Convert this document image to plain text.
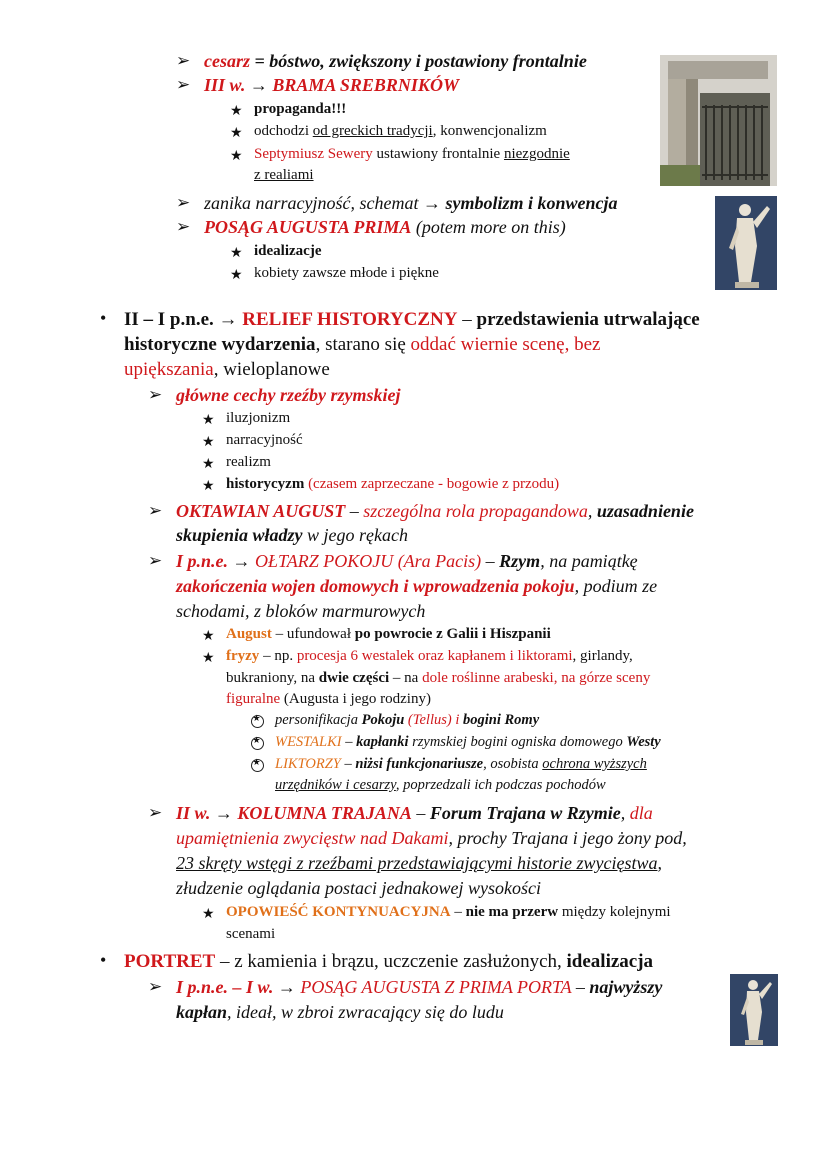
➢ cesarz = bóstwo, zwiększony i postawiony frontalnie
➢ III w. → BRAMA SREBRNIKÓW
★ propaganda!!!
★ odchodzi od greckich tradycji, konwencjonalizm
★ Septymiusz Sewery ustawiony frontalnie niezgodnie
z realiami
➢ zanika narracyjność, schemat → symbolizm i konwencja
➢ POSĄG AUGUSTA PRIMA (potem more on this)
★ idealizacje
★ kobiety zawsze młode i piękne
• II – I p.n.e. → RELIEF HISTORYCZNY – przedstawienia utrwalające
historyczne wydarzenia, starano się oddać wiernie scenę, bez
upiększania, wieloplanowe
➢ główne cechy rzeźby rzymskiej
★ iluzjonizm
★ narracyjność
★ realizm
★ historycyzm (czasem zaprzeczane - bogowie z przodu)
➢ OKTAWIAN AUGUST – szczególna rola propagandowa, uzasadnienie
skupienia władzy w jego rękach
➢ I p.n.e. → OŁTARZ POKOJU (Ara Pacis) – Rzym, na pamiątkę
zakończenia wojen domowych i wprowadzenia pokoju, podium ze
schodami, z bloków marmurowych
★ August – ufundował po powrocie z Galii i Hiszpanii
★ fryzy – np. procesja 6 westalek oraz kapłanem i liktorami, girlandy,
bukraniony, na dwie części – na dole roślinne arabeski, na górze sceny
figuralne (Augusta i jego rodziny)
★
personifikacja Pokoju (Tellus) i bogini Romy
★
WESTALKI – kapłanki rzymskiej bogini ogniska domowego Westy
★
LIKTORZY – niżsi funkcjonariusze, osobista ochrona wyższych
urzędników i cesarzy, poprzedzali ich podczas pochodów
➢ II w. → KOLUMNA TRAJANA – Forum Trajana w Rzymie, dla
upamiętnienia zwycięstw nad Dakami, prochy Trajana i jego żony pod,
23 skręty wstęgi z rzeźbami przedstawiającymi historie zwycięstwa,
złudzenie oglądania postaci jednakowej wysokości
★ OPOWIEŚĆ KONTYNUACYJNA – nie ma przerw między kolejnymi
scenami
• PORTRET – z kamienia i brązu, uczczenie zasłużonych, idealizacja
➢ I p.n.e. – I w. → POSĄG AUGUSTA Z PRIMA PORTA – najwyższy
kapłan, ideał, w zbroi zwracający się do ludu
